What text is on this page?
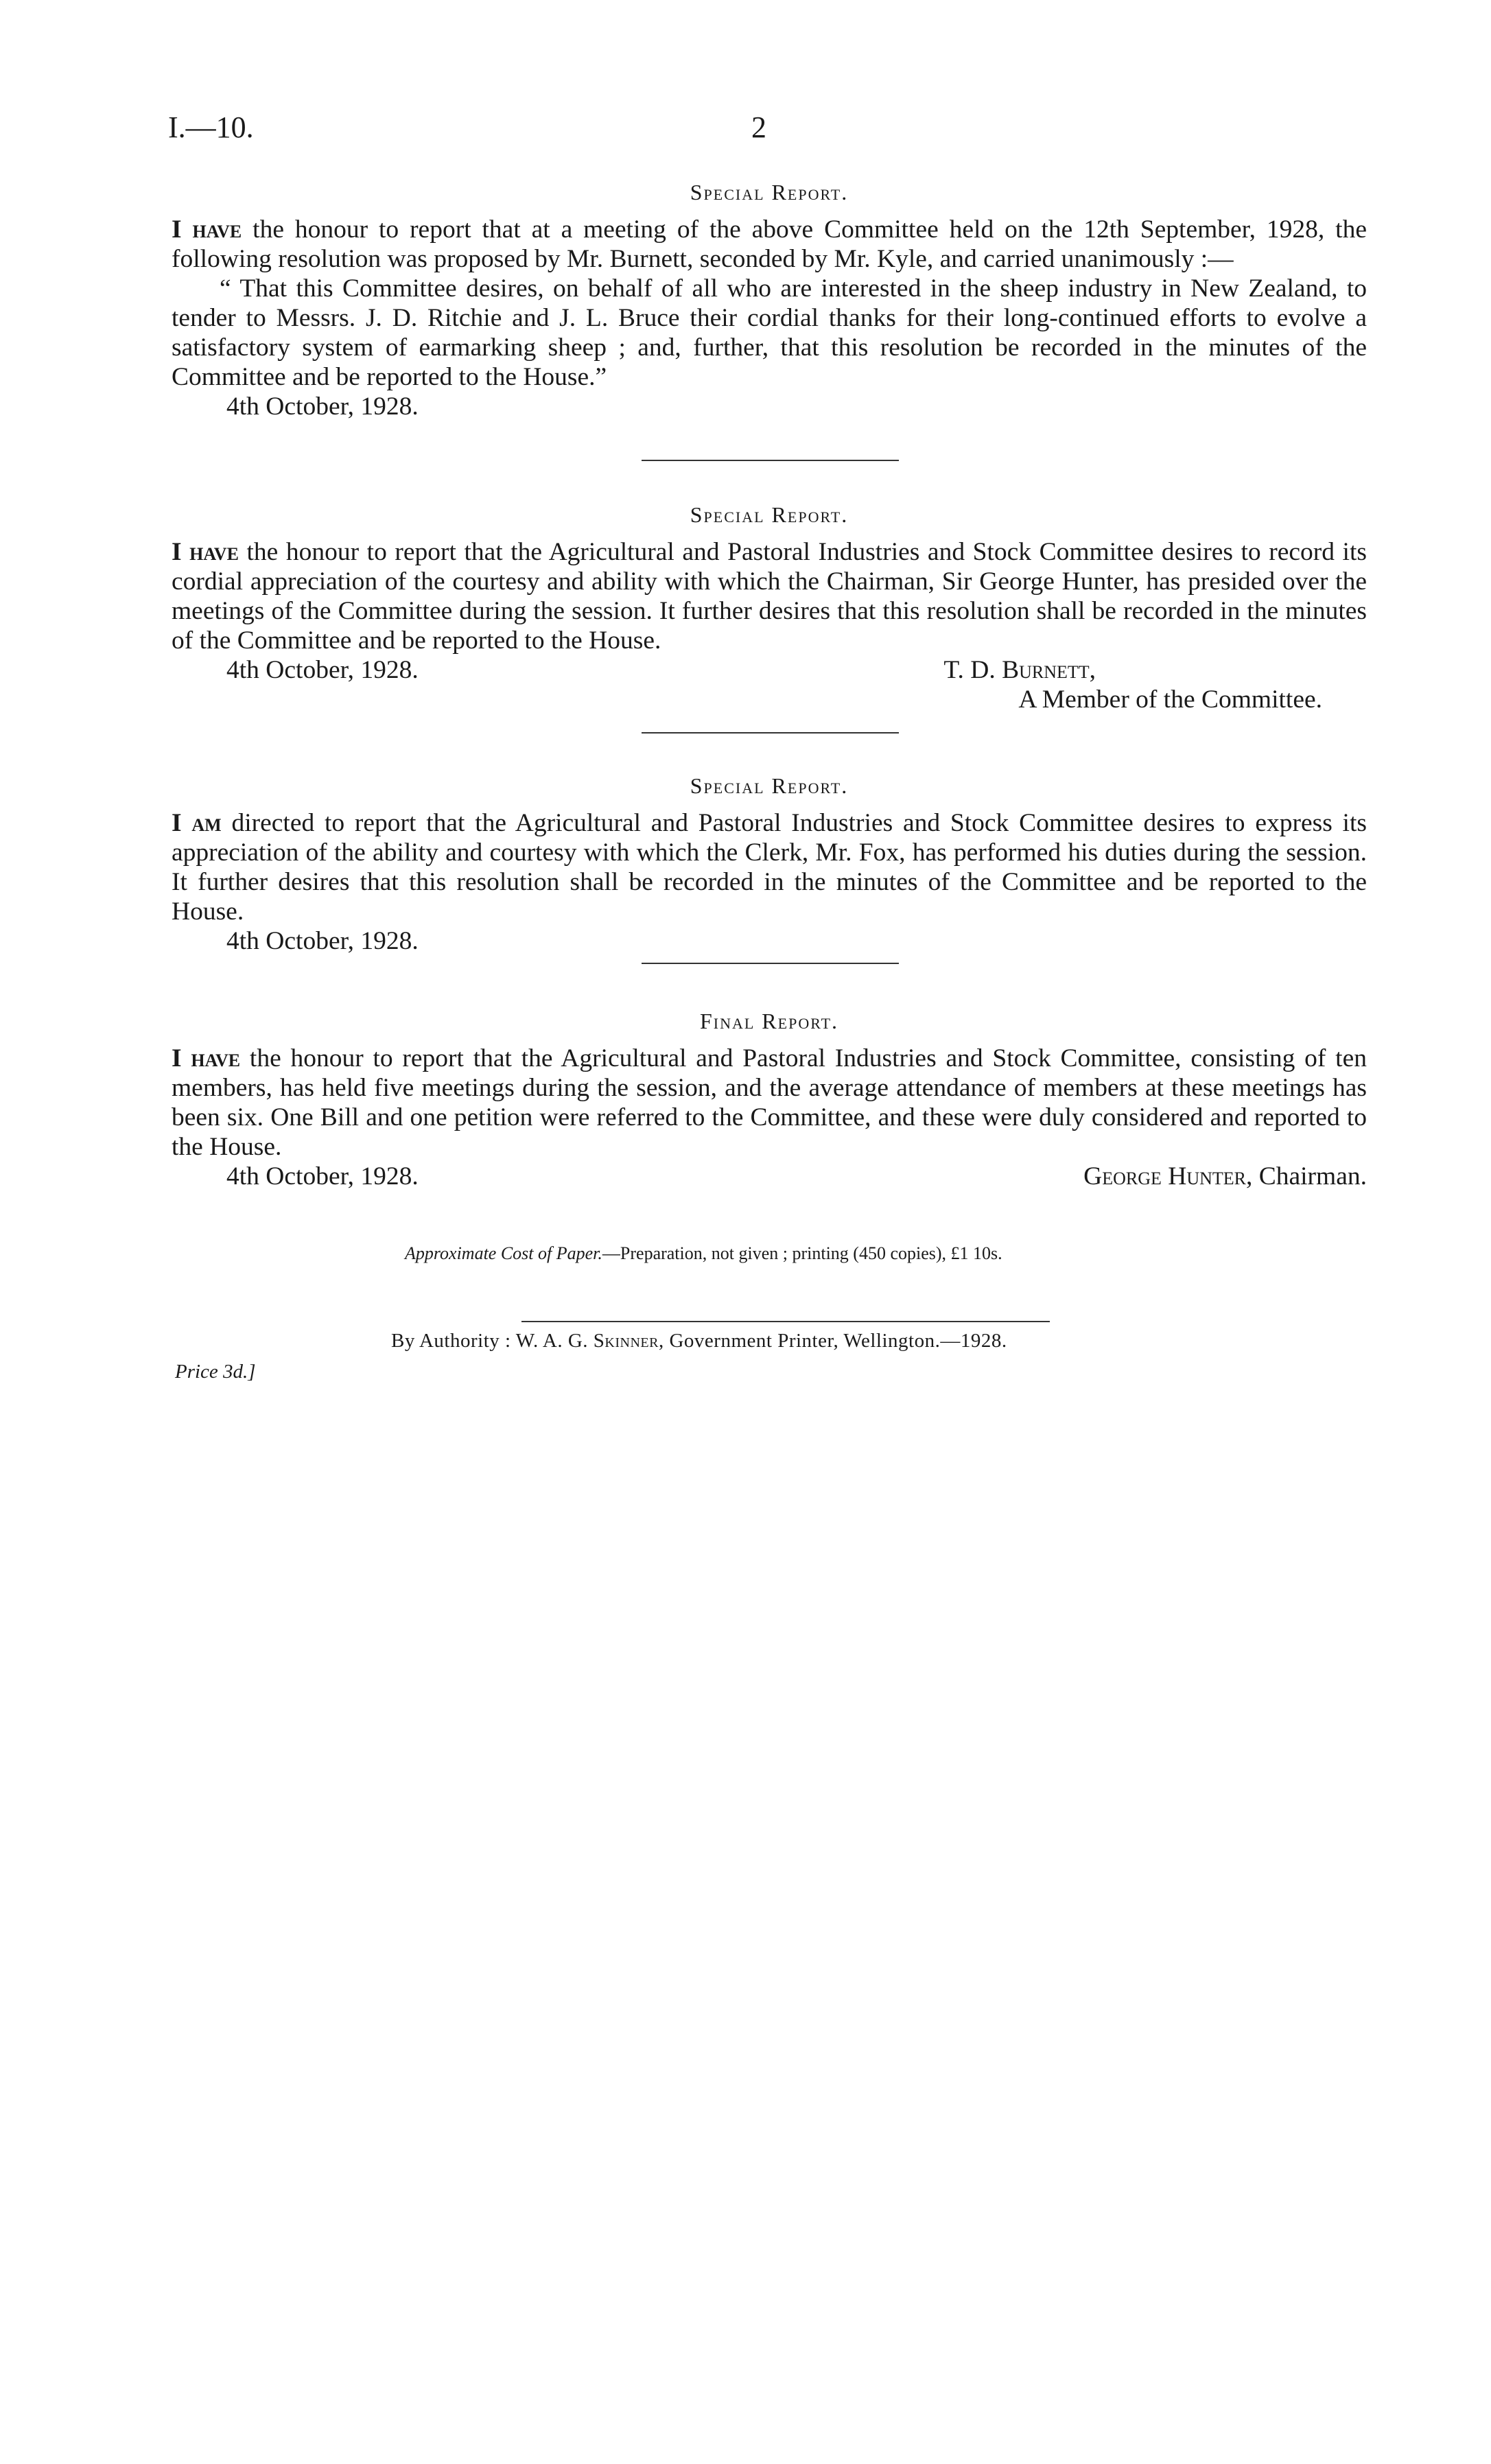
I.—10.	2
Special Report.

I have the honour to report that at a meeting of the above Committee held on the 12th September, 1928, the following resolution was proposed by Mr. Burnett, seconded by Mr. Kyle, and carried unanimously :—

“ That this Committee desires, on behalf of all who are interested in the sheep industry in New Zealand, to tender to Messrs. J. D. Ritchie and J. L. Bruce their cordial thanks for their long-continued efforts to evolve a satisfactory system of earmarking sheep ; and, further, that this resolution be recorded in the minutes of the Committee and be reported to the House.”

4th October, 1928.

Special Report.

I have the honour to report that the Agricultural and Pastoral Industries and Stock Committee desires to record its cordial appreciation of the courtesy and ability with which the Chairman, Sir George Hunter, has presided over the meetings of the Committee during the session. It further desires that this resolution shall be recorded in the minutes of the Committee and be reported to the House.

4th October, 1928.	T. D. Burnett,
A Member of the Committee.
Special Report.

I am directed to report that the Agricultural and Pastoral Industries and Stock Committee desires to express its appreciation of the ability and courtesy with which the Clerk, Mr. Fox, has performed his duties during the session. It further desires that this resolution shall be recorded in the minutes of the Committee and be reported to the House.

4th October, 1928.

Final Report.

I have the honour to report that the Agricultural and Pastoral Industries and Stock Committee, consisting of ten members, has held five meetings during the session, and the average attendance of members at these meetings has been six. One Bill and one petition were referred to the Committee, and these were duly considered and reported to the House.

4th October, 1928.	George Hunter, Chairman.
Approximate Cost of Paper.—Preparation, not given ; printing (450 copies), £1 10s.
By Authority : W. A. G. Skinner, Government Printer, Wellington.—1928.
Price 3d.]
